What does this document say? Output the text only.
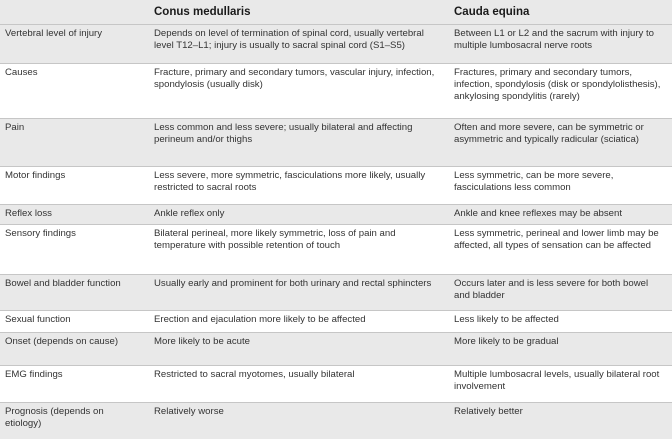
	Conus medullaris	Cauda equina
Vertebral level of injury	Depends on level of termination of spinal cord, usually vertebral level T12–L1; injury is usually to sacral spinal cord (S1–S5)	Between L1 or L2 and the sacrum with injury to multiple lumbosacral nerve roots
Causes	Fracture, primary and secondary tumors, vascular injury, infection, spondylosis (usually disk)	Fractures, primary and secondary tumors, infection, spondylosis (disk or spondylolisthesis), ankylosing spondylitis (rarely)
Pain	Less common and less severe; usually bilateral and affecting perineum and/or thighs	Often and more severe, can be symmetric or asymmetric and typically radicular (sciatica)
Motor findings	Less severe, more symmetric, fasciculations more likely, usually restricted to sacral roots	Less symmetric, can be more severe, fasciculations less common
Reflex loss	Ankle reflex only	Ankle and knee reflexes may be absent
Sensory findings	Bilateral perineal, more likely symmetric, loss of pain and temperature with possible retention of touch	Less symmetric, perineal and lower limb may be affected, all types of sensation can be affected
Bowel and bladder function	Usually early and prominent for both urinary and rectal sphincters	Occurs later and is less severe for both bowel and bladder
Sexual function	Erection and ejaculation more likely to be affected	Less likely to be affected
Onset (depends on cause)	More likely to be acute	More likely to be gradual
EMG findings	Restricted to sacral myotomes, usually bilateral	Multiple lumbosacral levels, usually bilateral root involvement
Prognosis (depends on etiology)	Relatively worse	Relatively better
